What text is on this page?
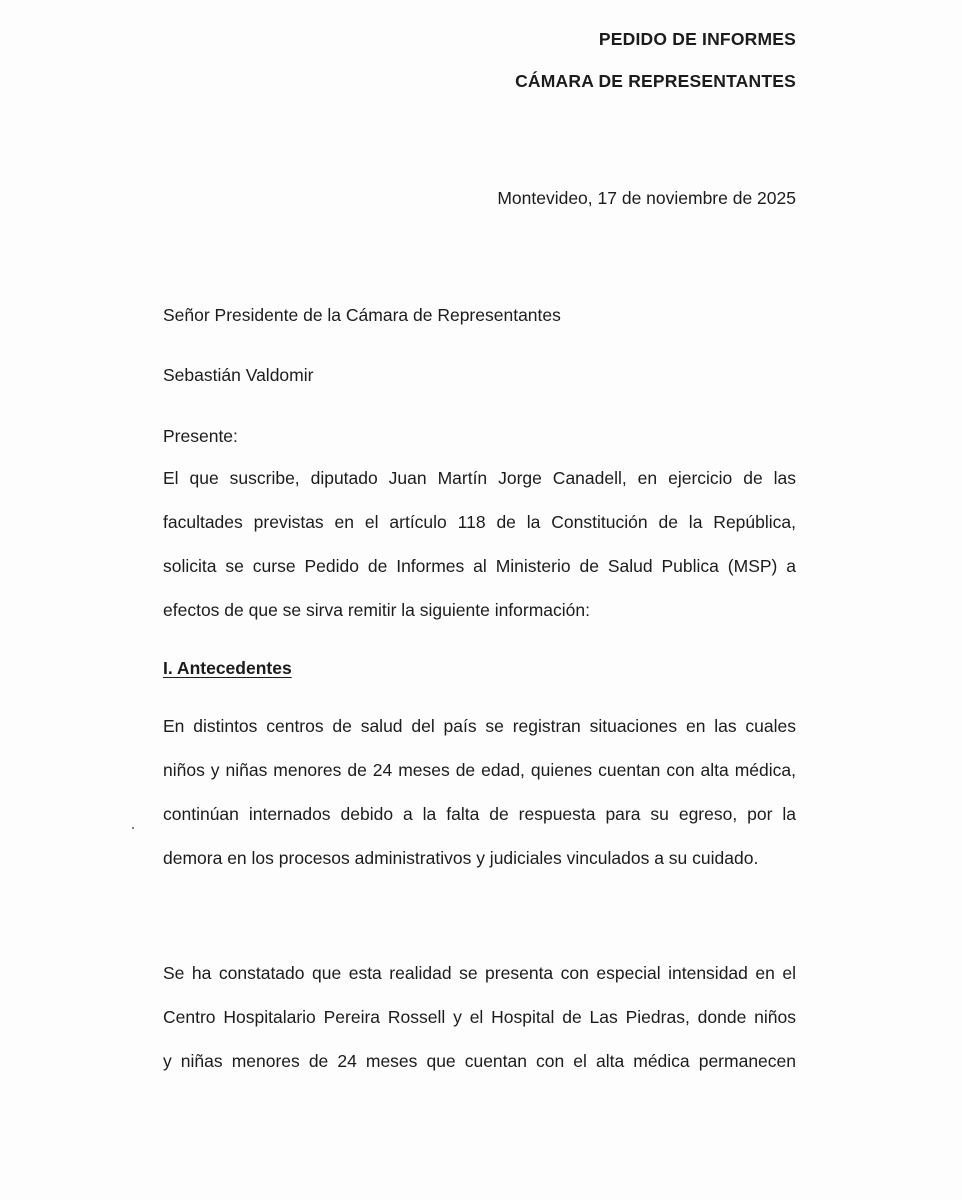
PEDIDO DE INFORMES
CÁMARA DE REPRESENTANTES
Montevideo, 17 de noviembre de 2025
Señor Presidente de la Cámara de Representantes
Sebastián Valdomir
Presente:
El que suscribe, diputado Juan Martín Jorge Canadell, en ejercicio de las
facultades previstas en el artículo 118 de la Constitución de la República,
solicita se curse Pedido de Informes al Ministerio de Salud Publica (MSP) a
efectos de que se sirva remitir la siguiente información:
I. Antecedentes
En distintos centros de salud del país se registran situaciones en las cuales
niños y niñas menores de 24 meses de edad, quienes cuentan con alta médica,
continúan internados debido a la falta de respuesta para su egreso, por la
demora en los procesos administrativos y judiciales vinculados a su cuidado.
Se ha constatado que esta realidad se presenta con especial intensidad en el
Centro Hospitalario Pereira Rossell y el Hospital de Las Piedras, donde niños
y niñas menores de 24 meses que cuentan con el alta médica permanecen
